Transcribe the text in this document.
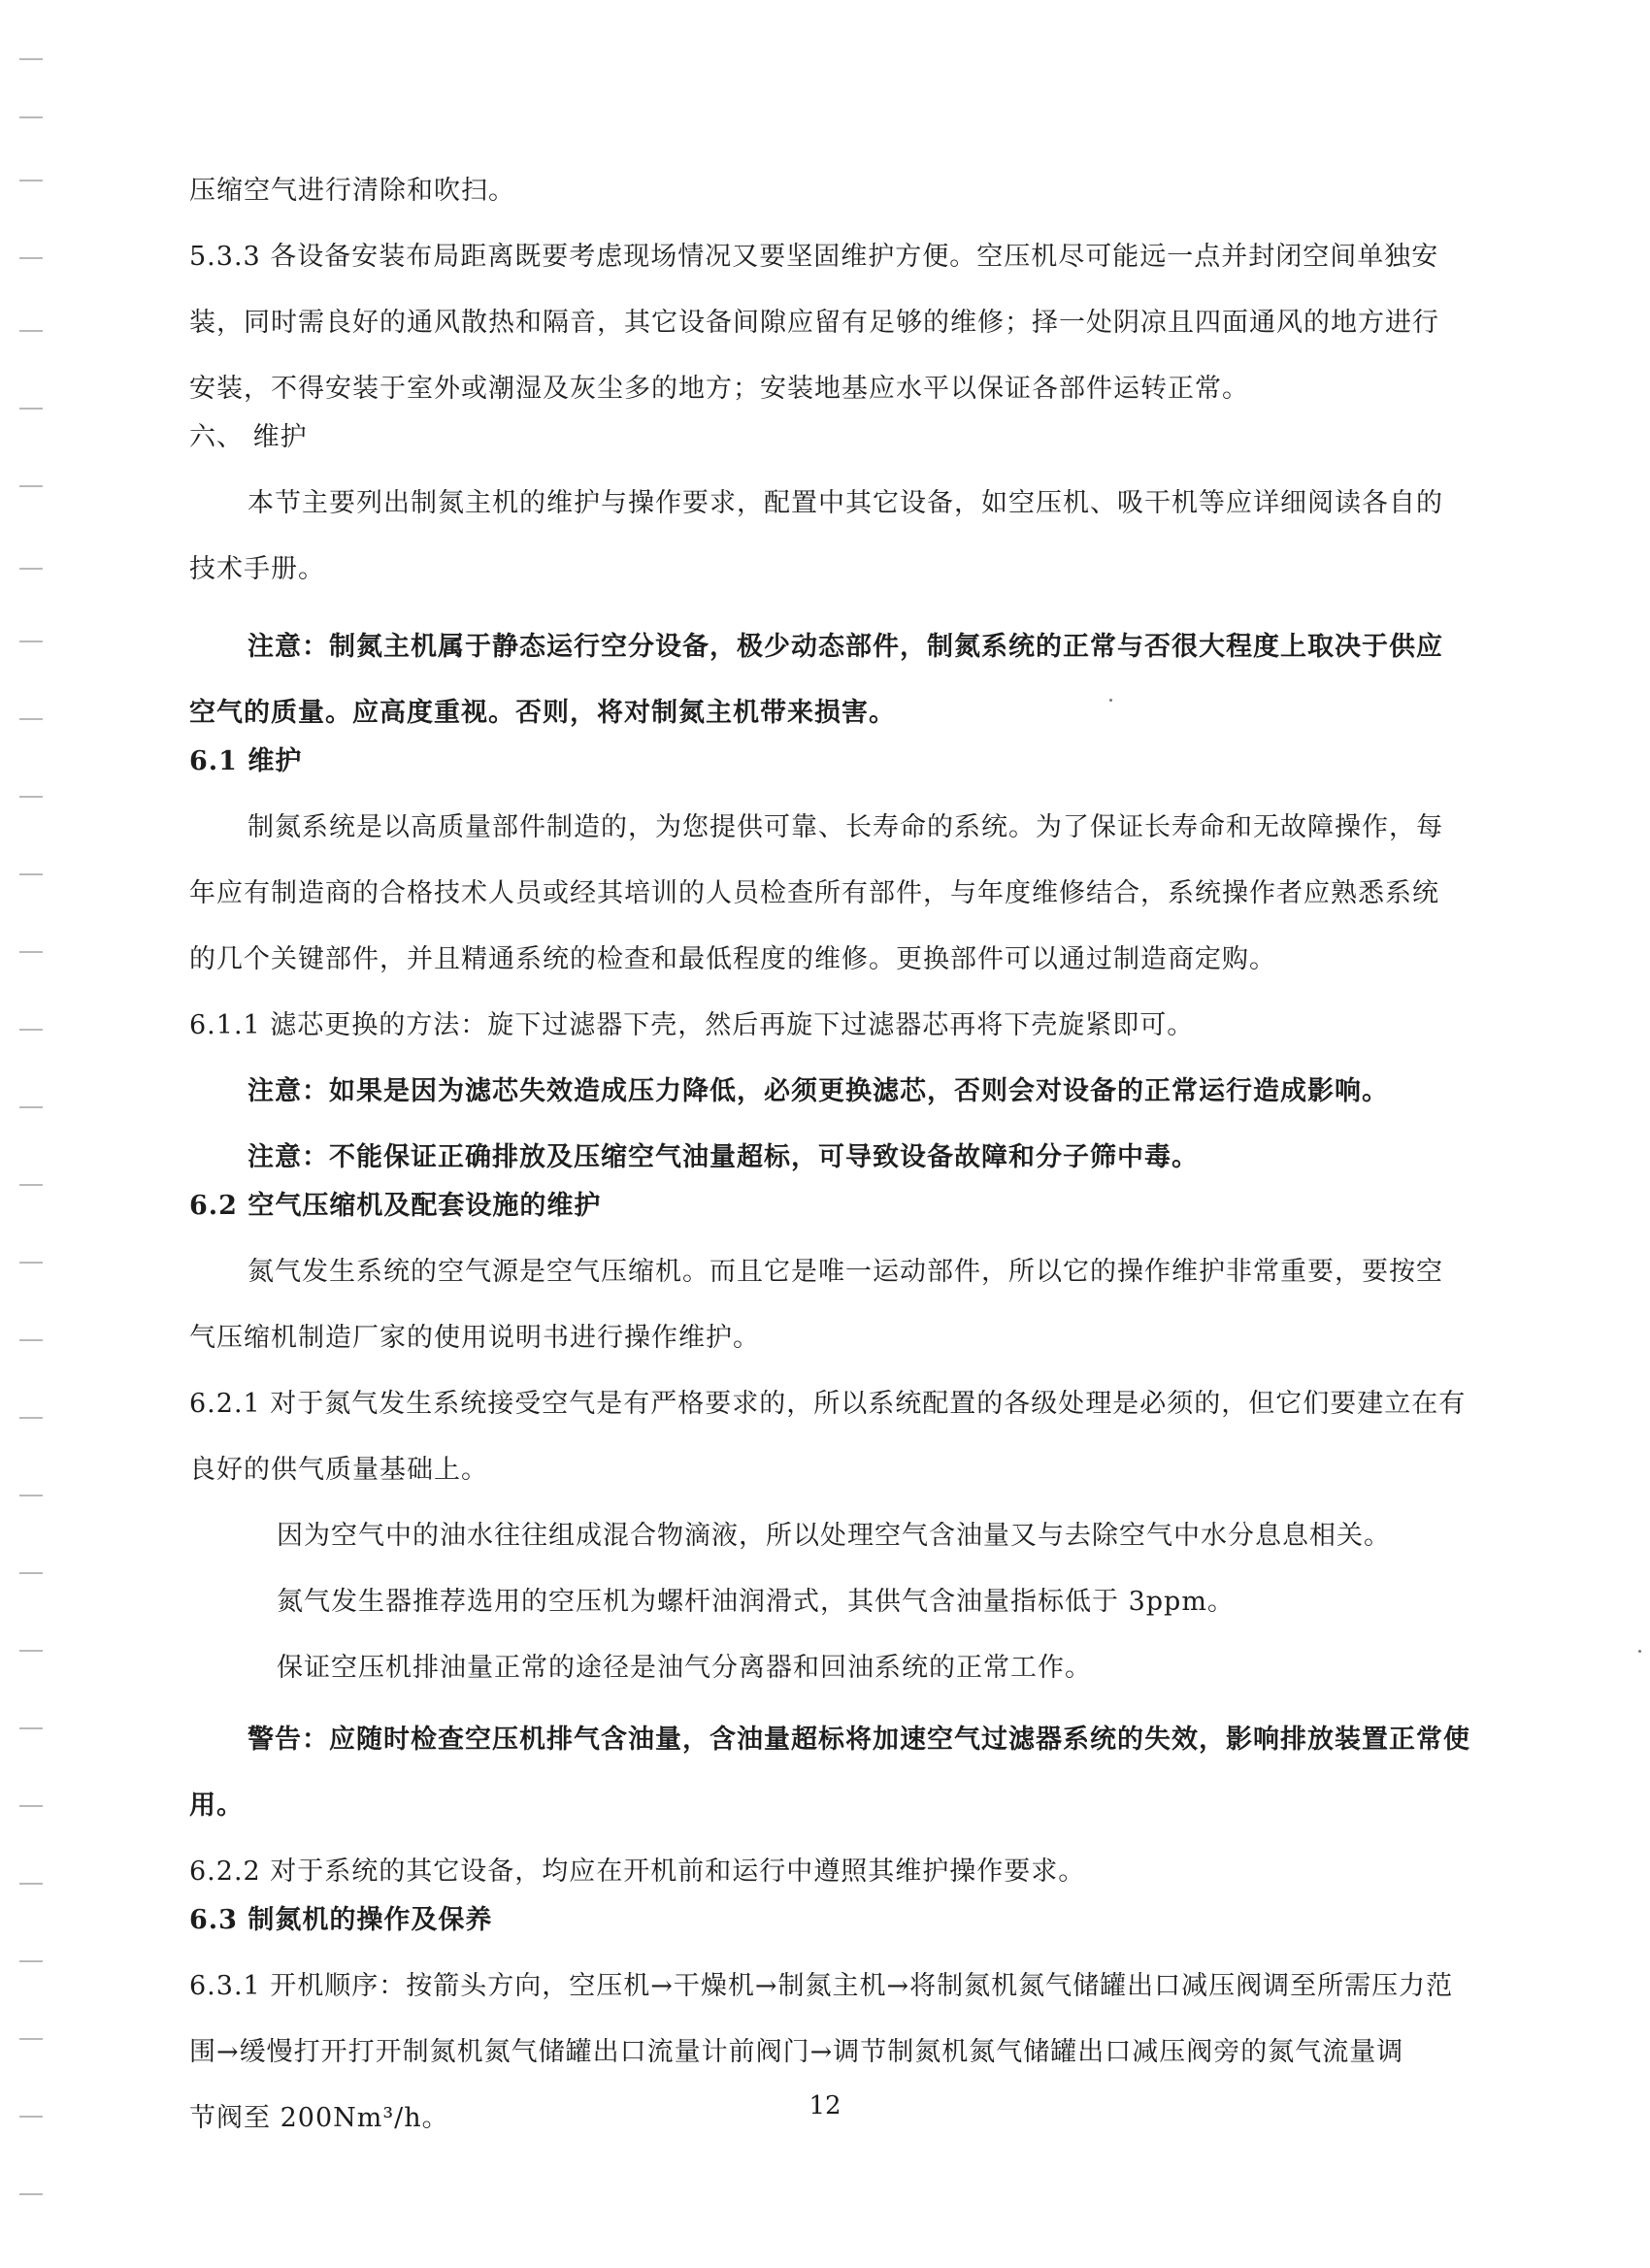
压缩空气进行清除和吹扫。

5.3.3 各设备安装布局距离既要考虑现场情况又要坚固维护方便。空压机尽可能远一点并封闭空间单独安

装，同时需良好的通风散热和隔音，其它设备间隙应留有足够的维修；择一处阴凉且四面通风的地方进行

安装，不得安装于室外或潮湿及灰尘多的地方；安装地基应水平以保证各部件运转正常。

六、 维护

本节主要列出制氮主机的维护与操作要求，配置中其它设备，如空压机、吸干机等应详细阅读各自的

技术手册。

注意：制氮主机属于静态运行空分设备，极少动态部件，制氮系统的正常与否很大程度上取决于供应

空气的质量。应高度重视。否则，将对制氮主机带来损害。

6.1 维护

制氮系统是以高质量部件制造的，为您提供可靠、长寿命的系统。为了保证长寿命和无故障操作，每

年应有制造商的合格技术人员或经其培训的人员检查所有部件，与年度维修结合，系统操作者应熟悉系统

的几个关键部件，并且精通系统的检查和最低程度的维修。更换部件可以通过制造商定购。

6.1.1 滤芯更换的方法：旋下过滤器下壳，然后再旋下过滤器芯再将下壳旋紧即可。

注意：如果是因为滤芯失效造成压力降低，必须更换滤芯，否则会对设备的正常运行造成影响。

注意：不能保证正确排放及压缩空气油量超标，可导致设备故障和分子筛中毒。

6.2 空气压缩机及配套设施的维护

氮气发生系统的空气源是空气压缩机。而且它是唯一运动部件，所以它的操作维护非常重要，要按空

气压缩机制造厂家的使用说明书进行操作维护。

6.2.1 对于氮气发生系统接受空气是有严格要求的，所以系统配置的各级处理是必须的，但它们要建立在有

良好的供气质量基础上。

因为空气中的油水往往组成混合物滴液，所以处理空气含油量又与去除空气中水分息息相关。

氮气发生器推荐选用的空压机为螺杆油润滑式，其供气含油量指标低于 3ppm。

保证空压机排油量正常的途径是油气分离器和回油系统的正常工作。

警告：应随时检查空压机排气含油量，含油量超标将加速空气过滤器系统的失效，影响排放装置正常使

用。

6.2.2 对于系统的其它设备，均应在开机前和运行中遵照其维护操作要求。

6.3 制氮机的操作及保养

6.3.1 开机顺序：按箭头方向，空压机→干燥机→制氮主机→将制氮机氮气储罐出口减压阀调至所需压力范

围→缓慢打开打开制氮机氮气储罐出口流量计前阀门→调节制氮机氮气储罐出口减压阀旁的氮气流量调

节阀至 200Nm³/h。	12
